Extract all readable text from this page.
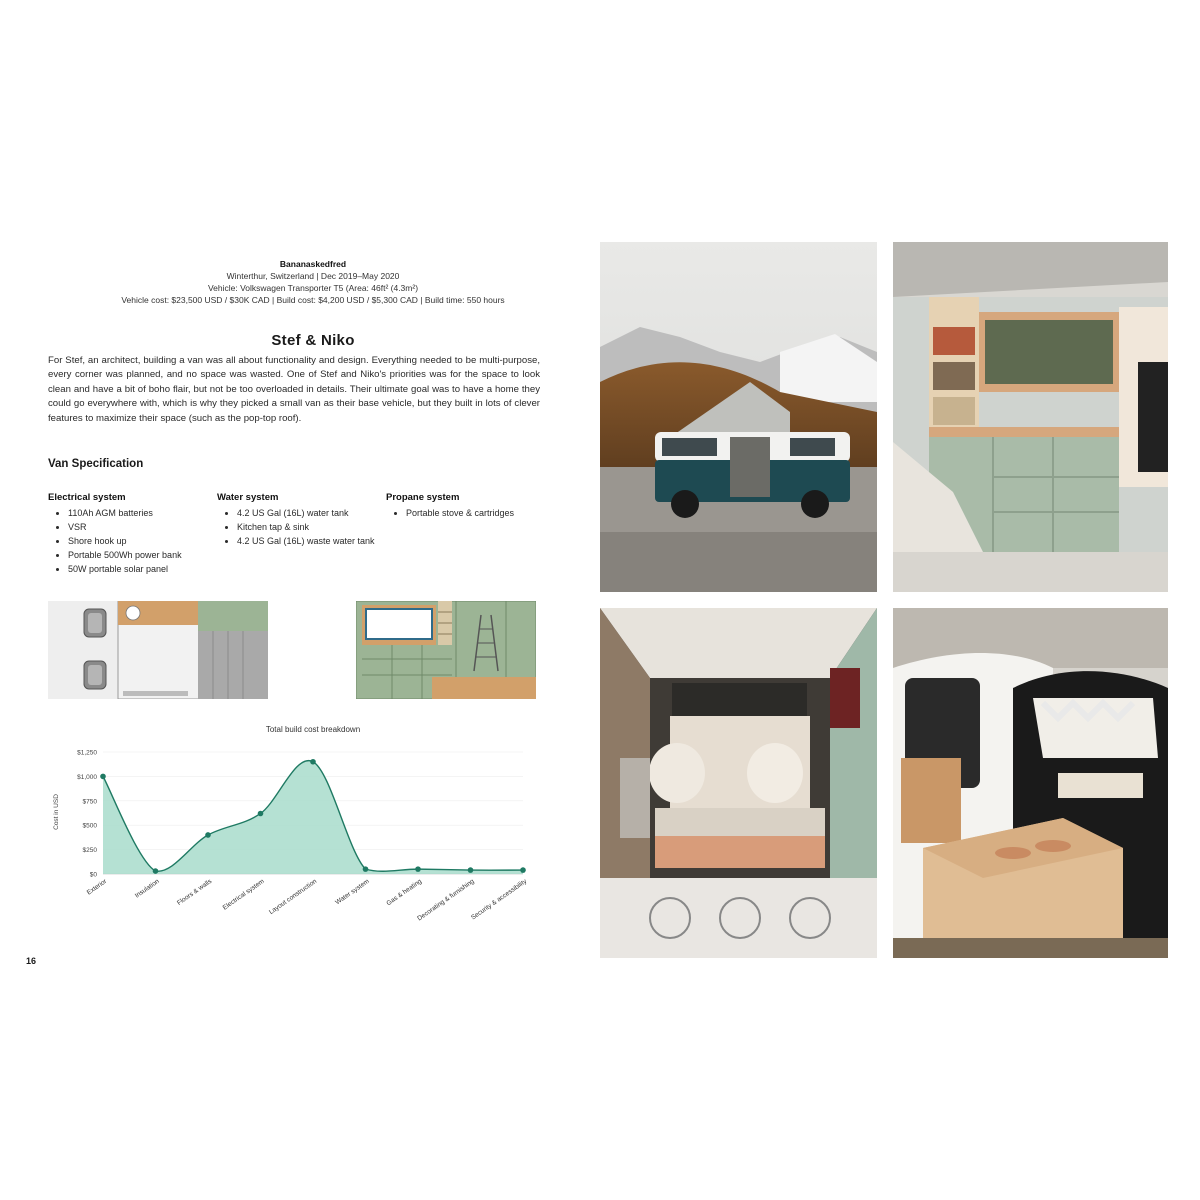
Bananaskedfred
Winterthur, Switzerland | Dec 2019–May 2020
Vehicle: Volkswagen Transporter T5 (Area: 46ft² (4.3m²)
Vehicle cost: $23,500 USD / $30K CAD | Build cost: $4,200 USD / $5,300 CAD | Build time: 550 hours
Stef & Niko

For Stef, an architect, building a van was all about functionality and design. Everything needed to be multi-purpose, every corner was planned, and no space was wasted. One of Stef and Niko's priorities was for the space to look clean and have a bit of boho flair, but not be too overloaded in details. Their ultimate goal was to have a home they could go everywhere with, which is why they picked a small van as their base vehicle, but they built in lots of clever features to maximize their space (such as the pop-top roof).

Van Specification
Electrical system
• 110Ah AGM batteries
• VSR
• Shore hook up
• Portable 500Wh power bank
• 50W portable solar panel
Water system
• 4.2 US Gal (16L) water tank
• Kitchen tap & sink
• 4.2 US Gal (16L) waste water tank
Propane system
• Portable stove & cartridges
Total build cost breakdown
Cost in USD
$0
$250
$500
$750
$1,000
$1,250
Exterior	Insulation Floors & walls Electrical system Layout construction Water system Gas & heating
Decorating & furnishing
Security & accessibility
16
